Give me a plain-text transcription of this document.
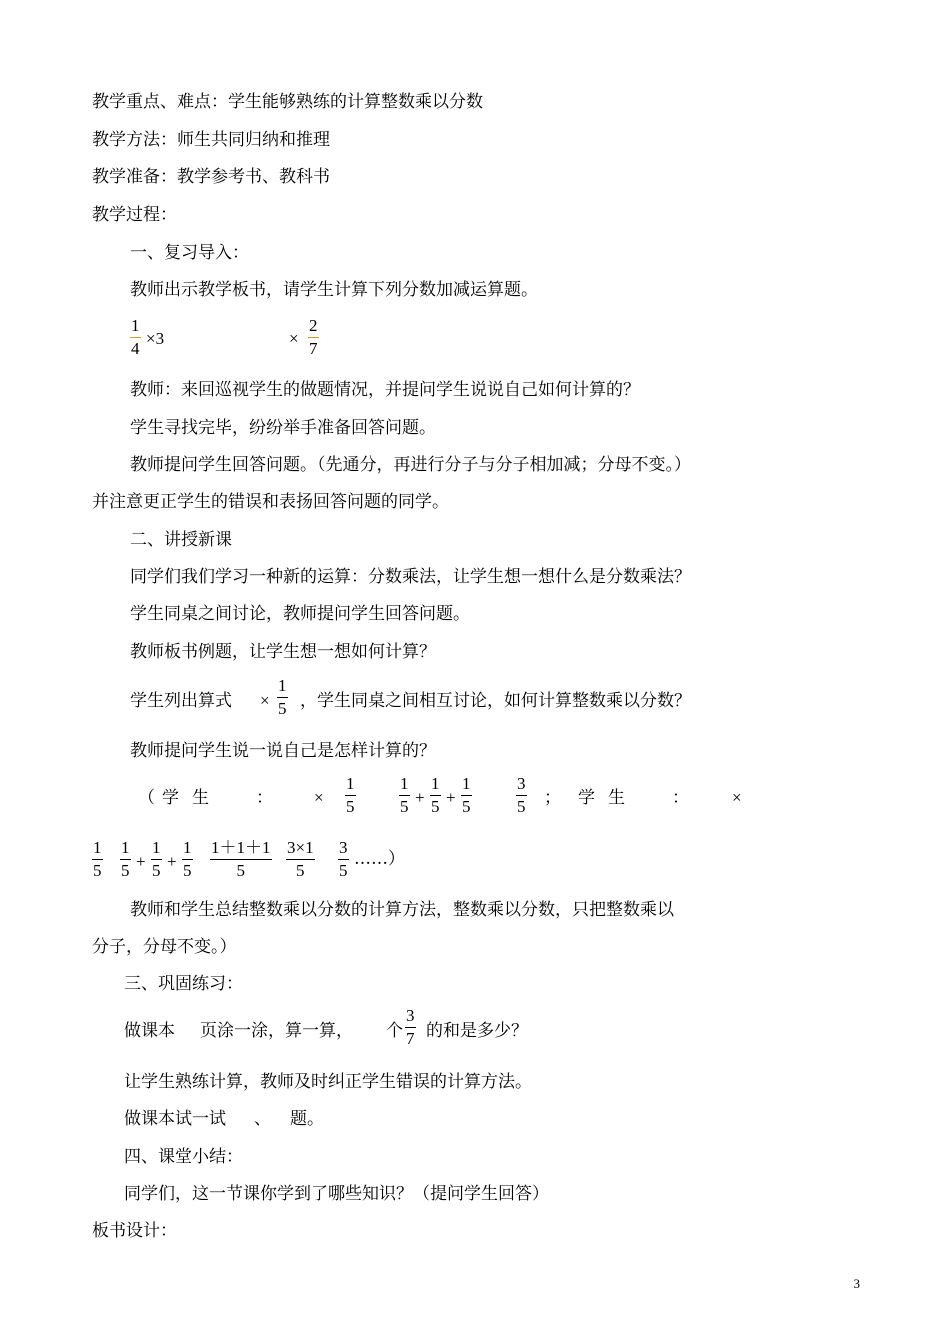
教学重点、难点：学生能够熟练的计算整数乘以分数
教学方法：师生共同归纳和推理
教学准备：教学参考书、教科书
教学过程：
一、复习导入：
教师出示教学板书，请学生计算下列分数加减运算题。
1
4
×3	×
2
7
教师：来回巡视学生的做题情况，并提问学生说说自己如何计算的？
学生寻找完毕，纷纷举手准备回答问题。
教师提问学生回答问题。（先通分，再进行分子与分子相加减；分母不变。）
并注意更正学生的错误和表扬回答问题的同学。
二、讲授新课
同学们我们学习一种新的运算：分数乘法，让学生想一想什么是分数乘法？
学生同桌之间讨论，教师提问学生回答问题。
教师板书例题，让学生想一想如何计算？
学生列出算式 ×
1
5 ，学生同桌之间相互讨论，如何计算整数乘以分数？
教师提问学生说一说自己是怎样计算的？
（ 学 生	： ×
1
5
1
5 +
1
5 +
1
5
3
5 ； 学 生	：	×
1
5
1
5 +
1
5 +
1
5
1＋1＋1
5
3×1
5
3
5
……）
教师和学生总结整数乘以分数的计算方法，整数乘以分数，只把整数乘以
分子，分母不变。）
三、巩固练习：
做课本 页涂一涂，算一算， 个
3
7 的和是多少？
让学生熟练计算，教师及时纠正学生错误的计算方法。
做课本试一试 、 题。
四、课堂小结：
同学们，这一节课你学到了哪些知识？（提问学生回答）
板书设计：
3
